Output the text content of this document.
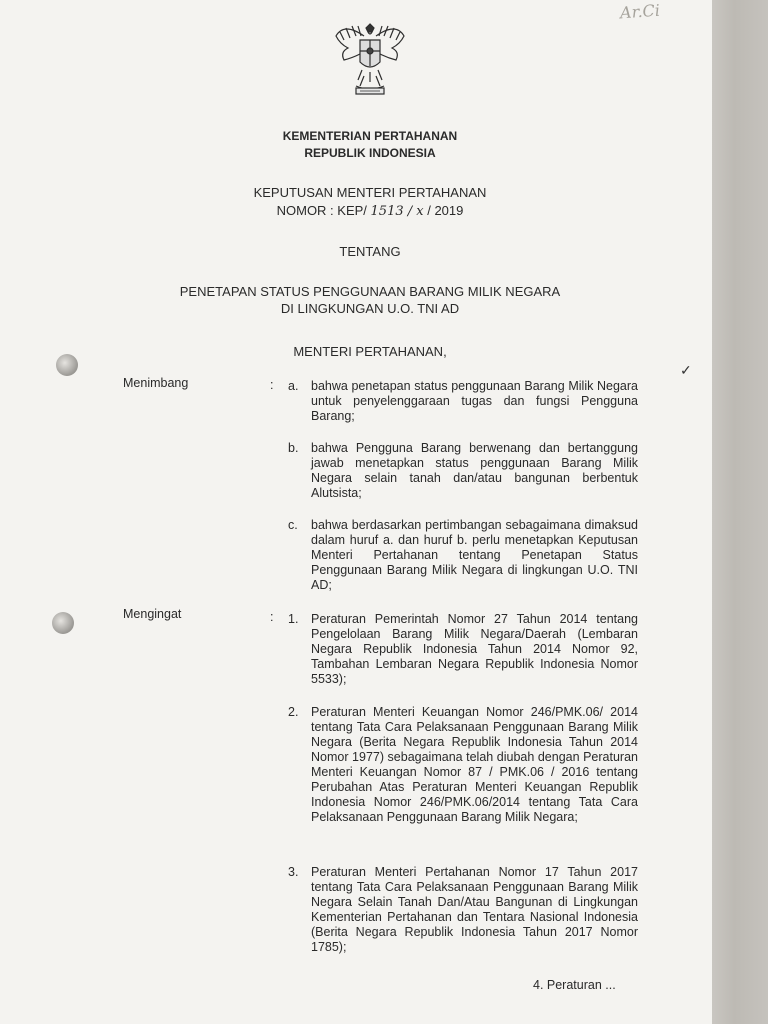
Ar.Ci
KEMENTERIAN PERTAHANAN
REPUBLIK INDONESIA
KEPUTUSAN MENTERI PERTAHANAN
NOMOR : KEP/ 1513 / x / 2019
TENTANG
PENETAPAN STATUS PENGGUNAAN BARANG MILIK NEGARA
DI LINGKUNGAN U.O. TNI AD
MENTERI PERTAHANAN,
✓
Menimbang	: a.	bahwa penetapan status penggunaan Barang Milik Negara untuk penyelenggaraan tugas dan fungsi Pengguna Barang;
b.	bahwa Pengguna Barang berwenang dan bertanggung jawab menetapkan status penggunaan Barang Milik Negara selain tanah dan/atau bangunan berbentuk Alutsista;
c.	bahwa berdasarkan pertimbangan sebagaimana dimaksud dalam huruf a. dan huruf b. perlu menetapkan Keputusan Menteri Pertahanan tentang Penetapan Status Penggunaan Barang Milik Negara di lingkungan U.O. TNI AD;
Mengingat	: 1.	Peraturan Pemerintah Nomor 27 Tahun 2014 tentang Pengelolaan Barang Milik Negara/Daerah (Lembaran Negara Republik Indonesia Tahun 2014 Nomor 92, Tambahan Lembaran Negara Republik Indonesia Nomor 5533);
2.	Peraturan Menteri Keuangan Nomor 246/PMK.06/ 2014 tentang Tata Cara Pelaksanaan Penggunaan Barang Milik Negara (Berita Negara Republik Indonesia Tahun 2014 Nomor 1977) sebagaimana telah diubah dengan Peraturan Menteri Keuangan Nomor 87 / PMK.06 / 2016 tentang Perubahan Atas Peraturan Menteri Keuangan Republik Indonesia Nomor 246/PMK.06/2014 tentang Tata Cara Pelaksanaan Penggunaan Barang Milik Negara;
3.	Peraturan Menteri Pertahanan Nomor 17 Tahun 2017 tentang Tata Cara Pelaksanaan Penggunaan Barang Milik Negara Selain Tanah Dan/Atau Bangunan di Lingkungan Kementerian Pertahanan dan Tentara Nasional Indonesia (Berita Negara Republik Indonesia Tahun 2017 Nomor 1785);
4. Peraturan ...
